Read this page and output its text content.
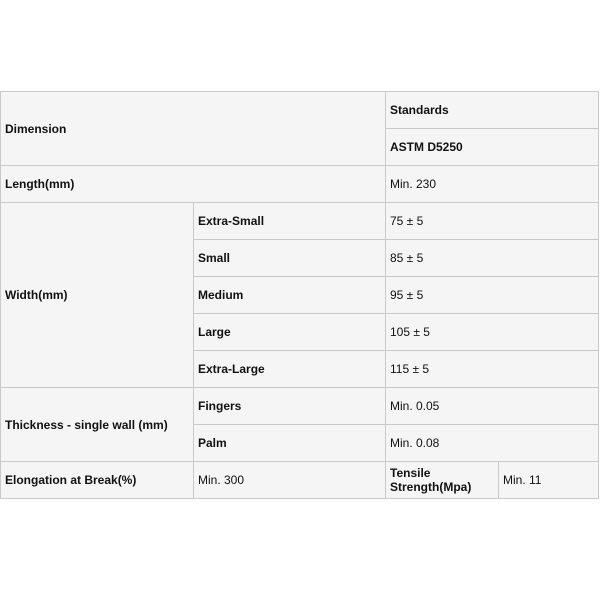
Dimension		Standards	
		ASTM D5250	
Length(mm)		Min. 230	
Width(mm)	Extra-Small	75 ± 5	
	Small	85 ± 5	
	Medium	95 ± 5	
	Large	105 ± 5	
	Extra-Large	115 ± 5	
Thickness - single wall (mm)	Fingers	Min. 0.05	
	Palm	Min. 0.08	
Elongation at Break(%)	Min. 300	Tensile Strength(Mpa)	Min. 11
